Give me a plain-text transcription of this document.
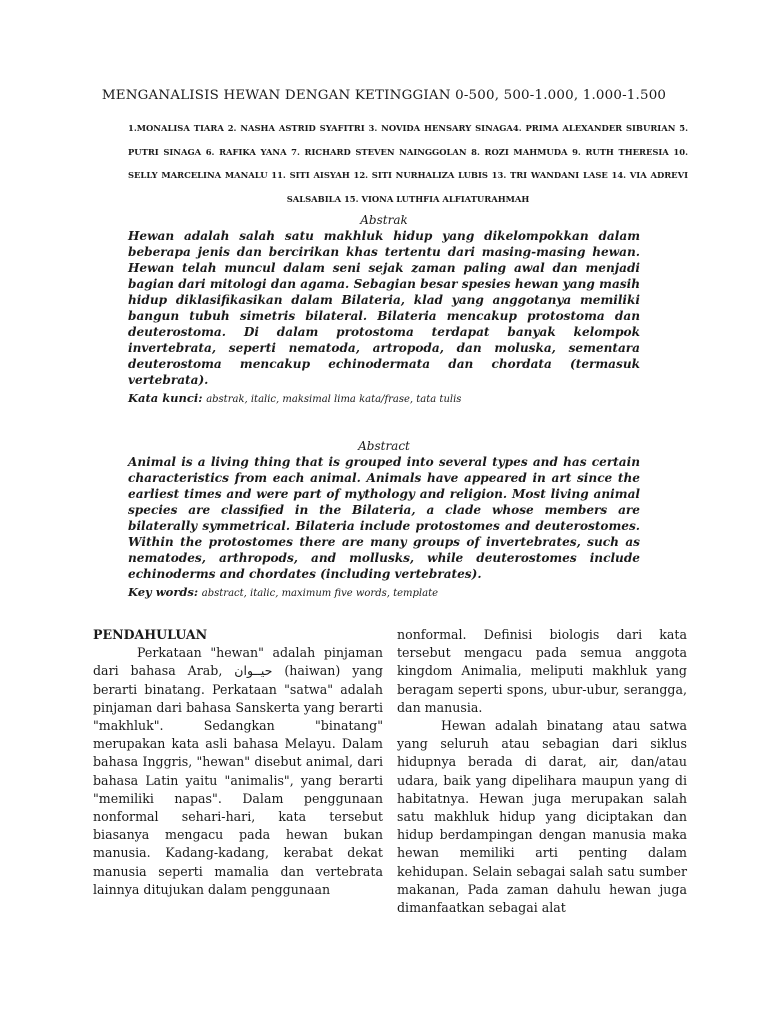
MENGANALISIS HEWAN DENGAN KETINGGIAN 0-500, 500-1.000, 1.000-1.500
1.MONALISA TIARA 2. NASHA ASTRID SYAFITRI 3. NOVIDA HENSARY SINAGA4. PRIMA ALEXANDER SIBURIAN 5. PUTRI SINAGA 6. RAFIKA YANA 7. RICHARD STEVEN NAINGGOLAN 8. ROZI MAHMUDA 9. RUTH THERESIA 10. SELLY MARCELINA MANALU 11. SITI AISYAH 12. SITI NURHALIZA LUBIS 13. TRI WANDANI LASE 14. VIA ADREVI SALSABILA 15. VIONA LUTHFIA ALFIATURAHMAH
Abstrak

Hewan adalah salah satu makhluk hidup yang dikelompokkan dalam beberapa jenis dan bercirikan khas tertentu dari masing-masing hewan. Hewan telah muncul dalam seni sejak zaman paling awal dan menjadi bagian dari mitologi dan agama. Sebagian besar spesies hewan yang masih hidup diklasifikasikan dalam Bilateria, klad yang anggotanya memiliki bangun tubuh simetris bilateral. Bilateria mencakup protostoma dan deuterostoma. Di dalam protostoma terdapat banyak kelompok invertebrata, seperti nematoda, artropoda, dan moluska, sementara deuterostoma mencakup echinodermata dan chordata (termasuk vertebrata).

Kata kunci: abstrak, italic, maksimal lima kata/frase, tata tulis
Abstract

Animal is a living thing that is grouped into several types and has certain characteristics from each animal. Animals have appeared in art since the earliest times and were part of mythology and religion. Most living animal species are classified in the Bilateria, a clade whose members are bilaterally symmetrical. Bilateria include protostomes and deuterostomes. Within the protostomes there are many groups of invertebrates, such as nematodes, arthropods, and mollusks, while deuterostomes include echinoderms and chordates (including vertebrates).

Key words: abstract, italic, maximum five words, template
PENDAHULUAN

Perkataan "hewan" adalah pinjaman dari bahasa Arab, حيــوان (haiwan) yang berarti binatang. Perkataan "satwa" adalah pinjaman dari bahasa Sanskerta yang berarti "makhluk". Sedangkan "binatang" merupakan kata asli bahasa Melayu. Dalam bahasa Inggris, "hewan" disebut animal, dari bahasa Latin yaitu "animalis", yang berarti "memiliki napas". Dalam penggunaan nonformal sehari-hari, kata tersebut biasanya mengacu pada hewan bukan manusia. Kadang-kadang, kerabat dekat manusia seperti mamalia dan vertebrata lainnya ditujukan dalam penggunaan

nonformal. Definisi biologis dari kata tersebut mengacu pada semua anggota kingdom Animalia, meliputi makhluk yang beragam seperti spons, ubur-ubur, serangga, dan manusia.

Hewan adalah binatang atau satwa yang seluruh atau sebagian dari siklus hidupnya berada di darat, air, dan/atau udara, baik yang dipelihara maupun yang di habitatnya. Hewan juga merupakan salah satu makhluk hidup yang diciptakan dan hidup berdampingan dengan manusia maka hewan memiliki arti penting dalam kehidupan. Selain sebagai salah satu sumber makanan, Pada zaman dahulu hewan juga dimanfaatkan sebagai alat
